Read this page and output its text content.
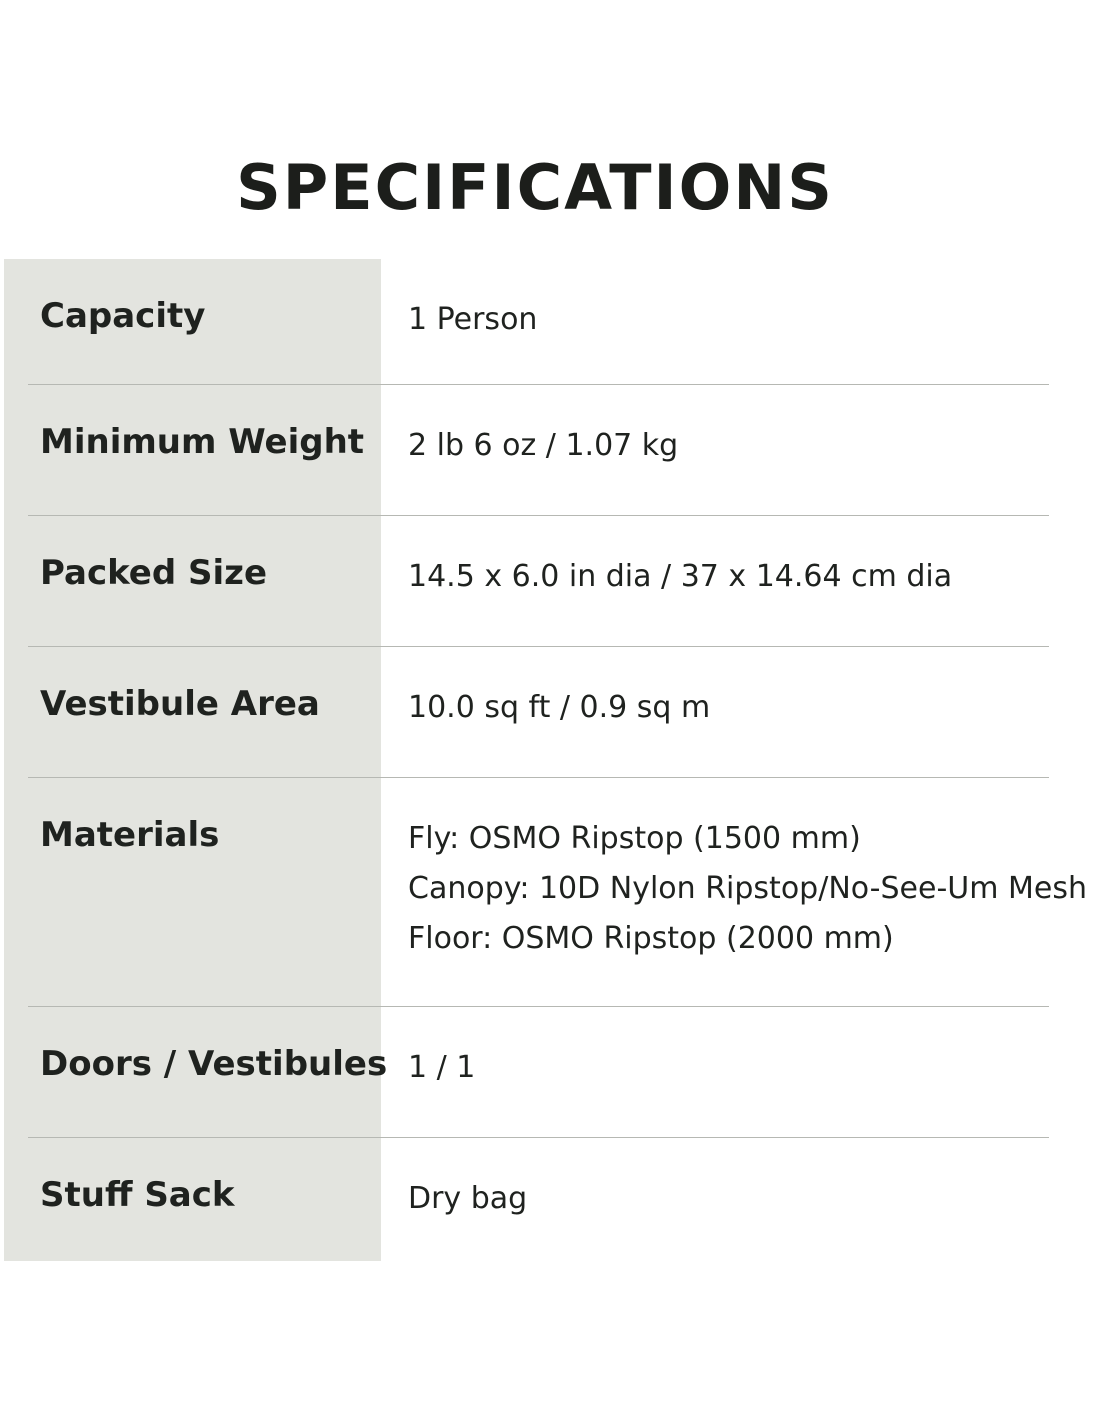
SPECIFICATIONS
Capacity	1 Person
Minimum Weight 2 lb 6 oz / 1.07 kg
Packed Size	14.5 x 6.0 in dia / 37 x 14.64 cm dia
Vestibule Area	10.0 sq ft / 0.9 sq m
Materials	Fly: OSMO Ripstop (1500 mm)
Canopy: 10D Nylon Ripstop/No-See-Um Mesh
Floor: OSMO Ripstop (2000 mm)
Doors / Vestibules 1 / 1
Stuff Sack	Dry bag
